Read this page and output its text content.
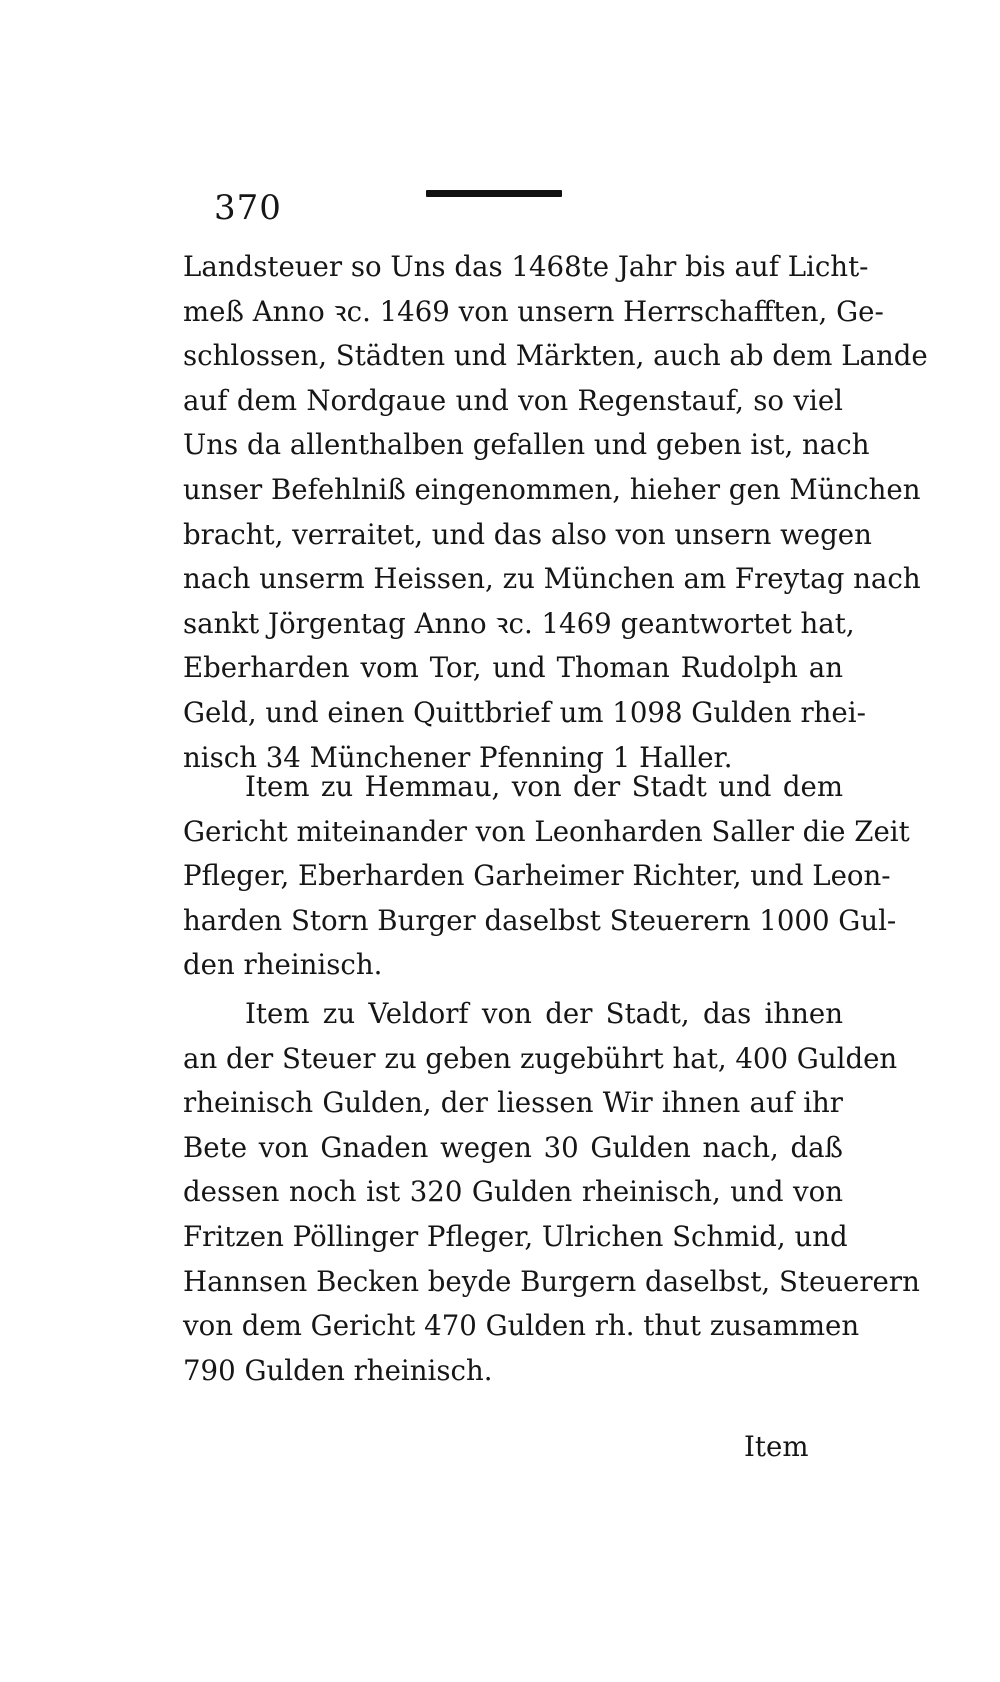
370
Landsteuer so Uns das 1468te Jahr bis auf Licht-
meß Anno ꝛc. 1469 von unsern Herrschafften, Ge-
schlossen, Städten und Märkten, auch ab dem Lande
auf dem Nordgaue und von Regenstauf, so viel
Uns da allenthalben gefallen und geben ist, nach
unser Befehlniß eingenommen, hieher gen München
bracht, verraitet, und das also von unsern wegen
nach unserm Heissen, zu München am Freytag nach
sankt Jörgentag Anno ꝛc. 1469 geantwortet hat,
Eberharden vom Tor, und Thoman Rudolph an
Geld, und einen Quittbrief um 1098 Gulden rhei-
nisch 34 Münchener Pfenning 1 Haller.
Item zu Hemmau, von der Stadt und dem
Gericht miteinander von Leonharden Saller die Zeit
Pfleger, Eberharden Garheimer Richter, und Leon-
harden Storn Burger daselbst Steuerern 1000 Gul-
den rheinisch.
Item zu Veldorf von der Stadt, das ihnen
an der Steuer zu geben zugebührt hat, 400 Gulden
rheinisch Gulden, der liessen Wir ihnen auf ihr
Bete von Gnaden wegen 30 Gulden nach, daß
dessen noch ist 320 Gulden rheinisch, und von
Fritzen Pöllinger Pfleger, Ulrichen Schmid, und
Hannsen Becken beyde Burgern daselbst, Steuerern
von dem Gericht 470 Gulden rh. thut zusammen
790 Gulden rheinisch.
Item
